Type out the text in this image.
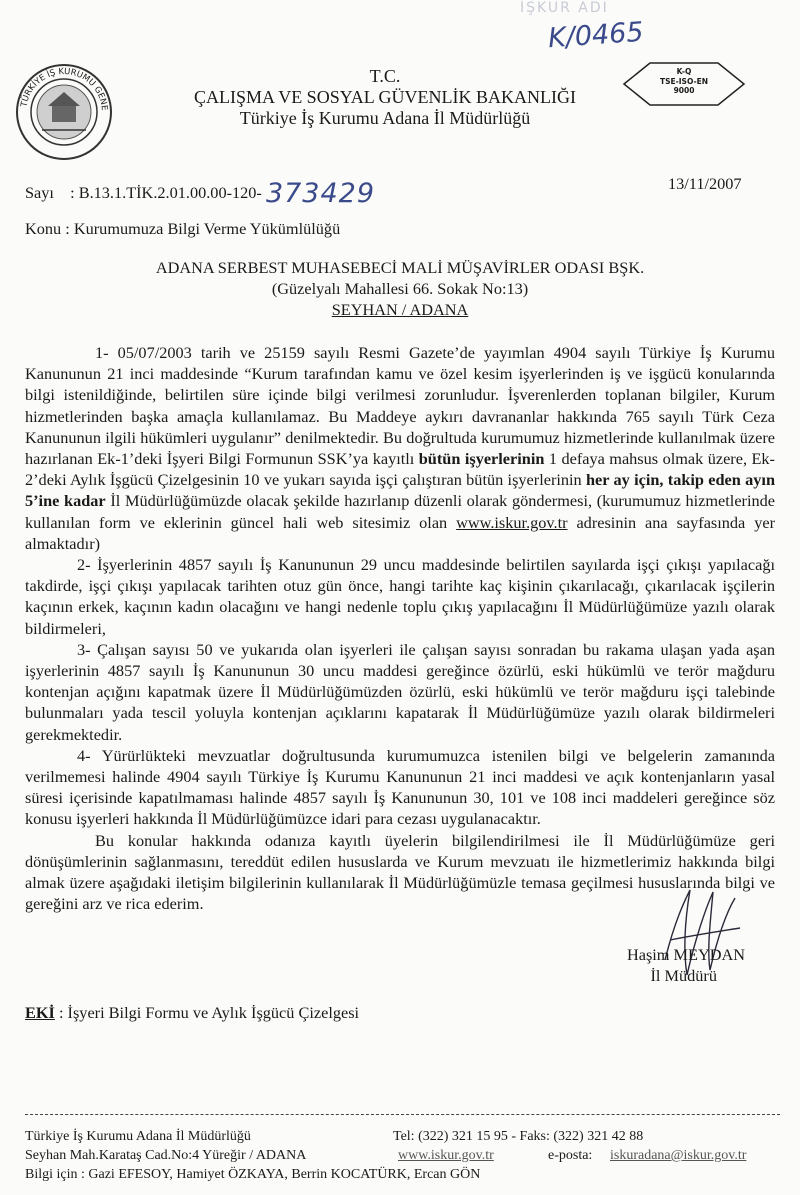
İŞKUR ADI
K/0465
TÜRKİYE İŞ KURUMU GENE
T.C.
ÇALIŞMA VE SOSYAL GÜVENLİK BAKANLIĞI
Türkiye İş Kurumu Adana İl Müdürlüğü
K-Q
TSE-ISO-EN
9000
Sayı : B.13.1.TİK.2.01.00.00-120- 373429	13/11/2007
Konu : Kurumumuza Bilgi Verme Yükümlülüğü
ADANA SERBEST MUHASEBECİ MALİ MÜŞAVİRLER ODASI BŞK.
(Güzelyalı Mahallesi 66. Sokak No:13)
SEYHAN / ADANA

1- 05/07/2003 tarih ve 25159 sayılı Resmi Gazete’de yayımlan 4904 sayılı Türkiye İş Kurumu Kanununun 21 inci maddesinde “Kurum tarafından kamu ve özel kesim işyerlerinden iş ve işgücü konularında bilgi istenildiğinde, belirtilen süre içinde bilgi verilmesi zorunludur. İşverenlerden toplanan bilgiler, Kurum hizmetlerinden başka amaçla kullanılamaz. Bu Maddeye aykırı davrananlar hakkında 765 sayılı Türk Ceza Kanununun ilgili hükümleri uygulanır” denilmektedir. Bu doğrultuda kurumumuz hizmetlerinde kullanılmak üzere hazırlanan Ek-1’deki İşyeri Bilgi Formunun SSK’ya kayıtlı bütün işyerlerinin 1 defaya mahsus olmak üzere, Ek-2’deki Aylık İşgücü Çizelgesinin 10 ve yukarı sayıda işçi çalıştıran bütün işyerlerinin her ay için, takip eden ayın 5’ine kadar İl Müdürlüğümüzde olacak şekilde hazırlanıp düzenli olarak göndermesi, (kurumumuz hizmetlerinde kullanılan form ve eklerinin güncel hali web sitesimiz olan www.iskur.gov.tr adresinin ana sayfasında yer almaktadır)

2- İşyerlerinin 4857 sayılı İş Kanununun 29 uncu maddesinde belirtilen sayılarda işçi çıkışı yapılacağı takdirde, işçi çıkışı yapılacak tarihten otuz gün önce, hangi tarihte kaç kişinin çıkarılacağı, çıkarılacak işçilerin kaçının erkek, kaçının kadın olacağını ve hangi nedenle toplu çıkış yapılacağını İl Müdürlüğümüze yazılı olarak bildirmeleri,

3- Çalışan sayısı 50 ve yukarıda olan işyerleri ile çalışan sayısı sonradan bu rakama ulaşan yada aşan işyerlerinin 4857 sayılı İş Kanununun 30 uncu maddesi gereğince özürlü, eski hükümlü ve terör mağduru kontenjan açığını kapatmak üzere İl Müdürlüğümüzden özürlü, eski hükümlü ve terör mağduru işçi talebinde bulunmaları yada tescil yoluyla kontenjan açıklarını kapatarak İl Müdürlüğümüze yazılı olarak bildirmeleri gerekmektedir.

4- Yürürlükteki mevzuatlar doğrultusunda kurumumuzca istenilen bilgi ve belgelerin zamanında verilmemesi halinde 4904 sayılı Türkiye İş Kurumu Kanununun 21 inci maddesi ve açık kontenjanların yasal süresi içerisinde kapatılmaması halinde 4857 sayılı İş Kanununun 30, 101 ve 108 inci maddeleri gereğince söz konusu işyerleri hakkında İl Müdürlüğümüzce idari para cezası uygulanacaktır.

Bu konular hakkında odanıza kayıtlı üyelerin bilgilendirilmesi ile İl Müdürlüğümüze geri dönüşümlerinin sağlanmasını, tereddüt edilen hususlarda ve Kurum mevzuatı ile hizmetlerimiz hakkında bilgi almak üzere aşağıdaki iletişim bilgilerinin kullanılarak İl Müdürlüğümüzle temasa geçilmesi hususlarında bilgi ve gereğini arz ve rica ederim.

Haşim MEYDAN
İl Müdürü
EKİ : İşyeri Bilgi Formu ve Aylık İşgücü Çizelgesi
Türkiye İş Kurumu Adana İl Müdürlüğü	Tel: (322) 321 15 95 - Faks: (322) 321 42 88
Seyhan Mah.Karataş Cad.No:4 Yüreğir / ADANA	www.iskur.gov.tr	e-posta: iskuradana@iskur.gov.tr
Bilgi için : Gazi EFESOY, Hamiyet ÖZKAYA, Berrin KOCATÜRK, Ercan GÖN
